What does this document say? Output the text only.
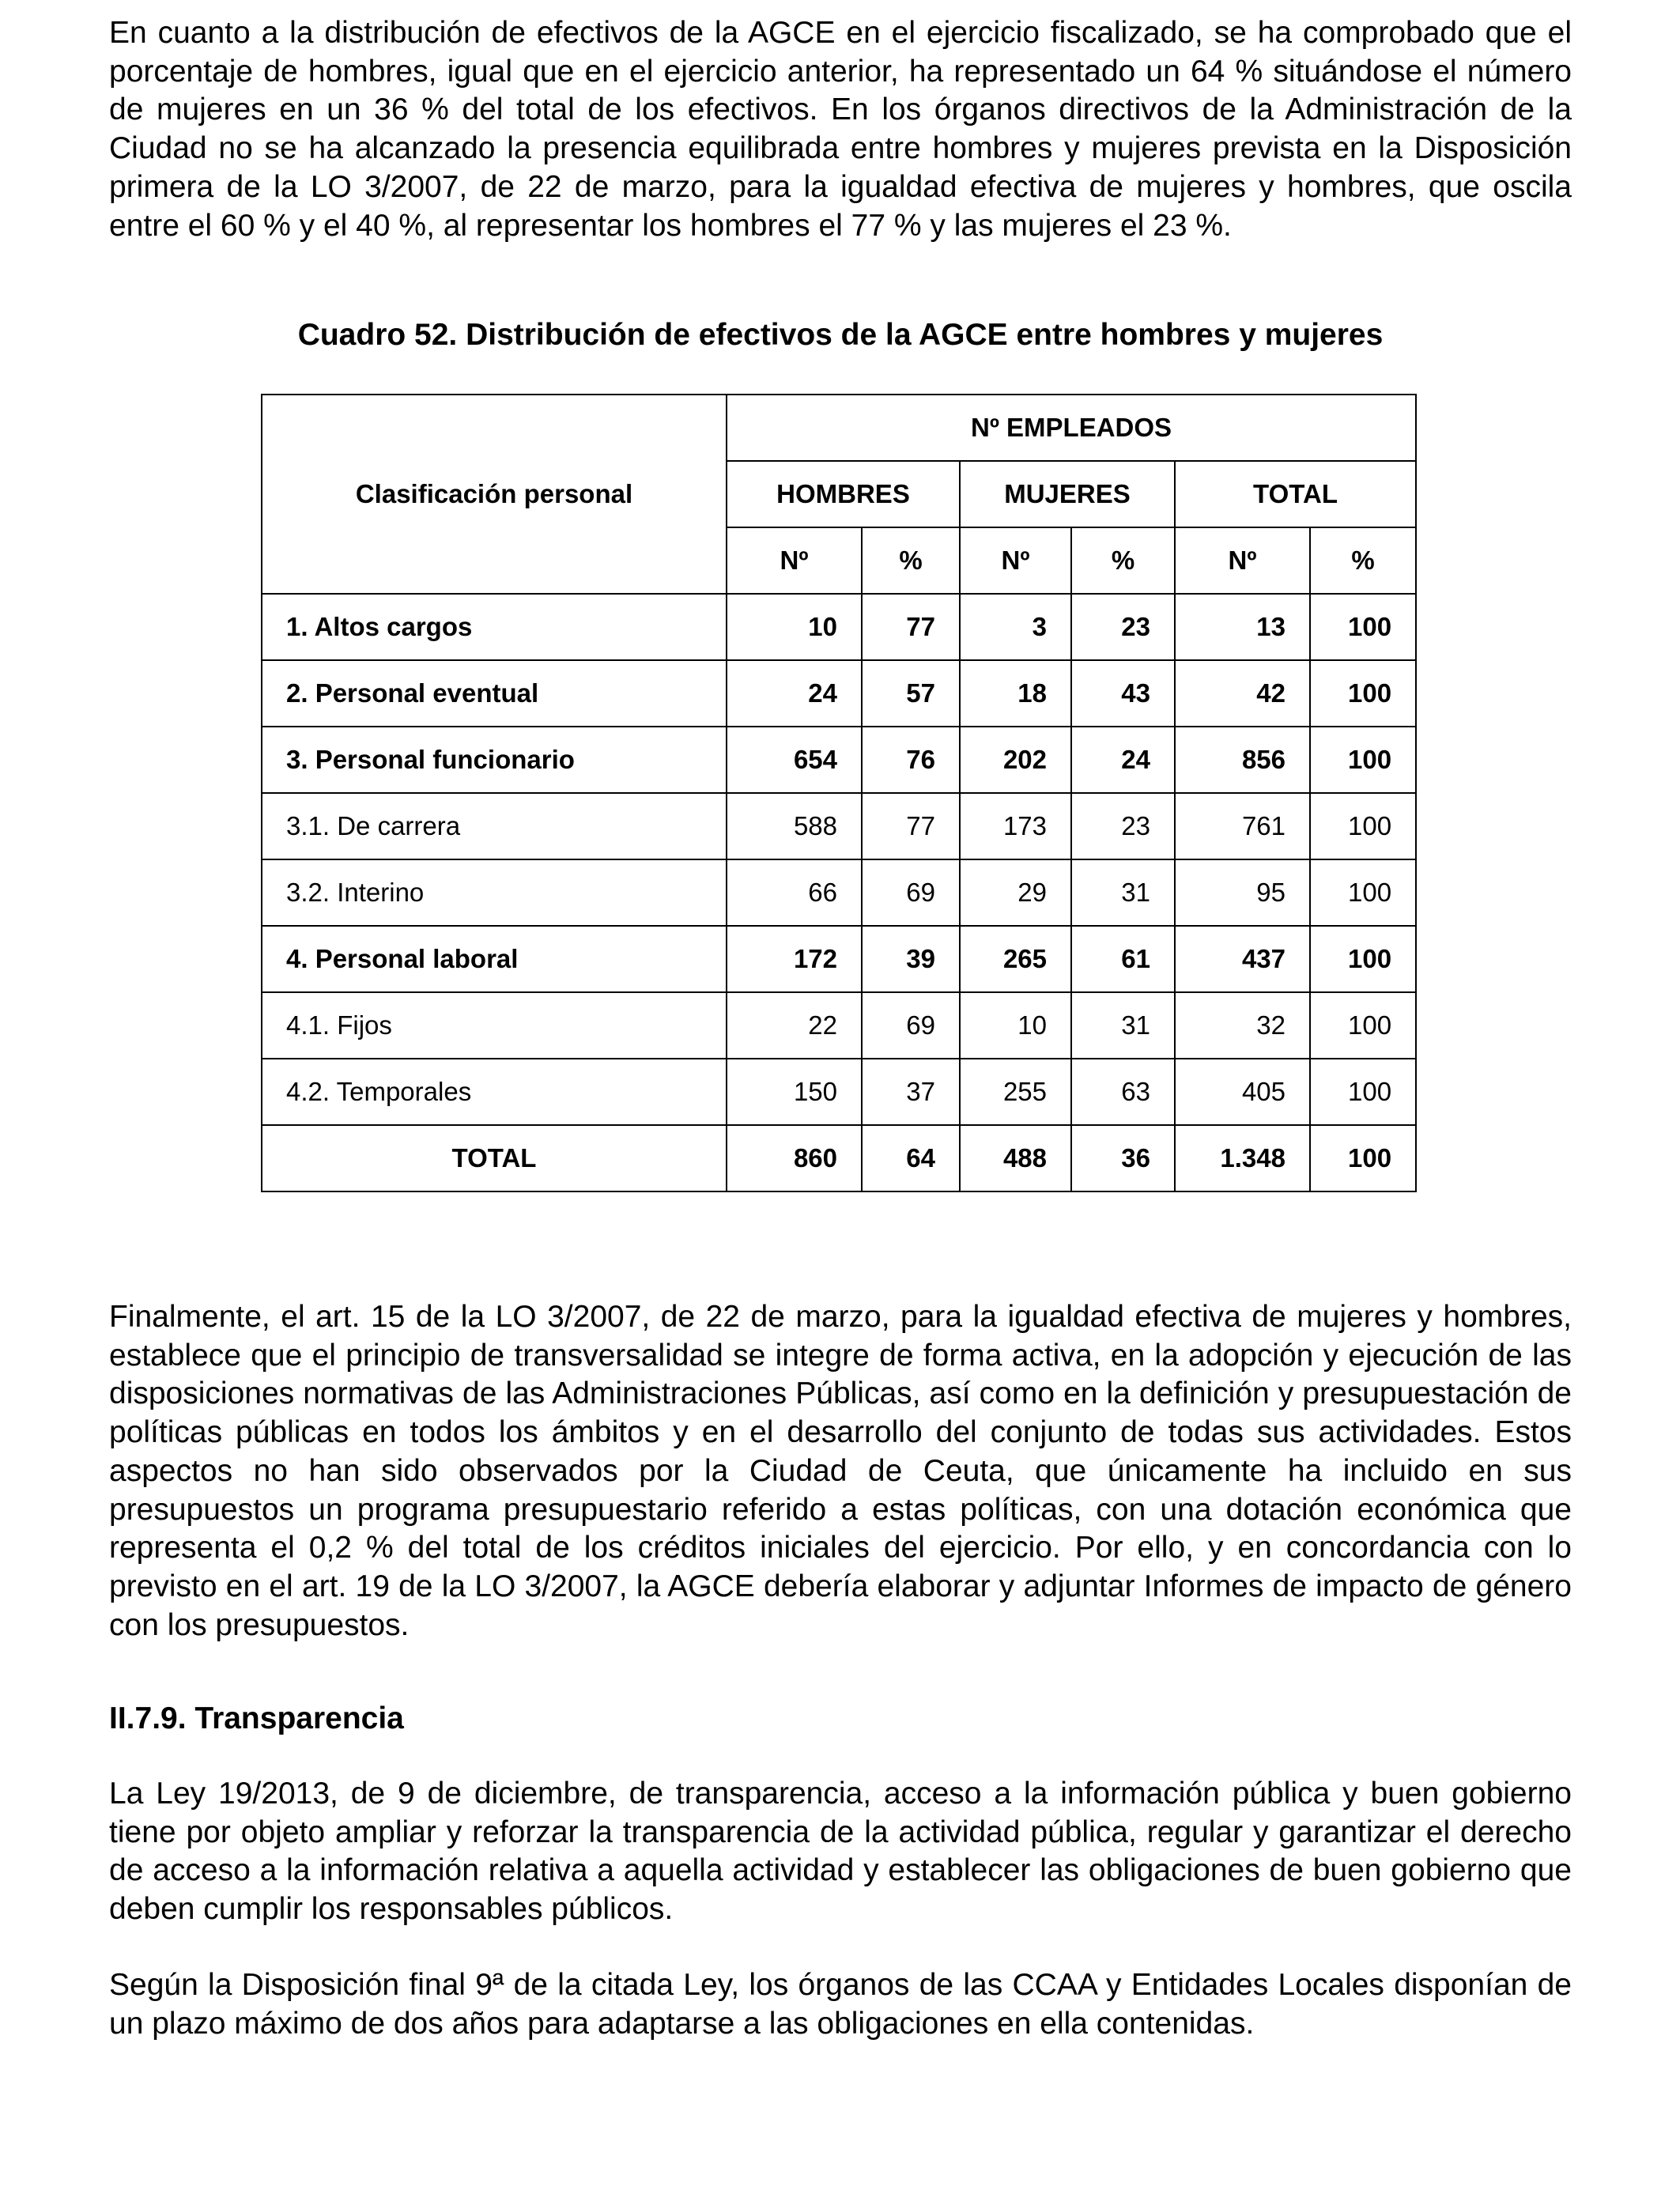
En cuanto a la distribución de efectivos de la AGCE en el ejercicio fiscalizado, se ha comprobado que el porcentaje de hombres, igual que en el ejercicio anterior, ha representado un 64 % situándose el número de mujeres en un 36 % del total de los efectivos. En los órganos directivos de la Administración de la Ciudad no se ha alcanzado la presencia equilibrada entre hombres y mujeres prevista en la Disposición primera de la LO 3/2007, de 22 de marzo, para la igualdad efectiva de mujeres y hombres, que oscila entre el 60 % y el 40 %, al representar los hombres el 77 % y las mujeres el 23 %.

Cuadro 52. Distribución de efectivos de la AGCE entre hombres y mujeres

Clasificación personal	Nº EMPLEADOS					
	HOMBRES		MUJERES		TOTAL	
	Nº	%	Nº	%	Nº	%
1. Altos cargos	10	77	3	23	13	100
2. Personal eventual	24	57	18	43	42	100
3. Personal funcionario	654	76	202	24	856	100
3.1. De carrera	588	77	173	23	761	100
3.2. Interino	66	69	29	31	95	100
4. Personal laboral	172	39	265	61	437	100
4.1. Fijos	22	69	10	31	32	100
4.2. Temporales	150	37	255	63	405	100
TOTAL	860	64	488	36	1.348	100

Finalmente, el art. 15 de la LO 3/2007, de 22 de marzo, para la igualdad efectiva de mujeres y hombres, establece que el principio de transversalidad se integre de forma activa, en la adopción y ejecución de las disposiciones normativas de las Administraciones Públicas, así como en la definición y presupuestación de políticas públicas en todos los ámbitos y en el desarrollo del conjunto de todas sus actividades. Estos aspectos no han sido observados por la Ciudad de Ceuta, que únicamente ha incluido en sus presupuestos un programa presupuestario referido a estas políticas, con una dotación económica que representa el 0,2 % del total de los créditos iniciales del ejercicio. Por ello, y en concordancia con lo previsto en el art. 19 de la LO 3/2007, la AGCE debería elaborar y adjuntar Informes de impacto de género con los presupuestos.

II.7.9. Transparencia

La Ley 19/2013, de 9 de diciembre, de transparencia, acceso a la información pública y buen gobierno tiene por objeto ampliar y reforzar la transparencia de la actividad pública, regular y garantizar el derecho de acceso a la información relativa a aquella actividad y establecer las obligaciones de buen gobierno que deben cumplir los responsables públicos.

Según la Disposición final 9ª de la citada Ley, los órganos de las CCAA y Entidades Locales disponían de un plazo máximo de dos años para adaptarse a las obligaciones en ella contenidas.
